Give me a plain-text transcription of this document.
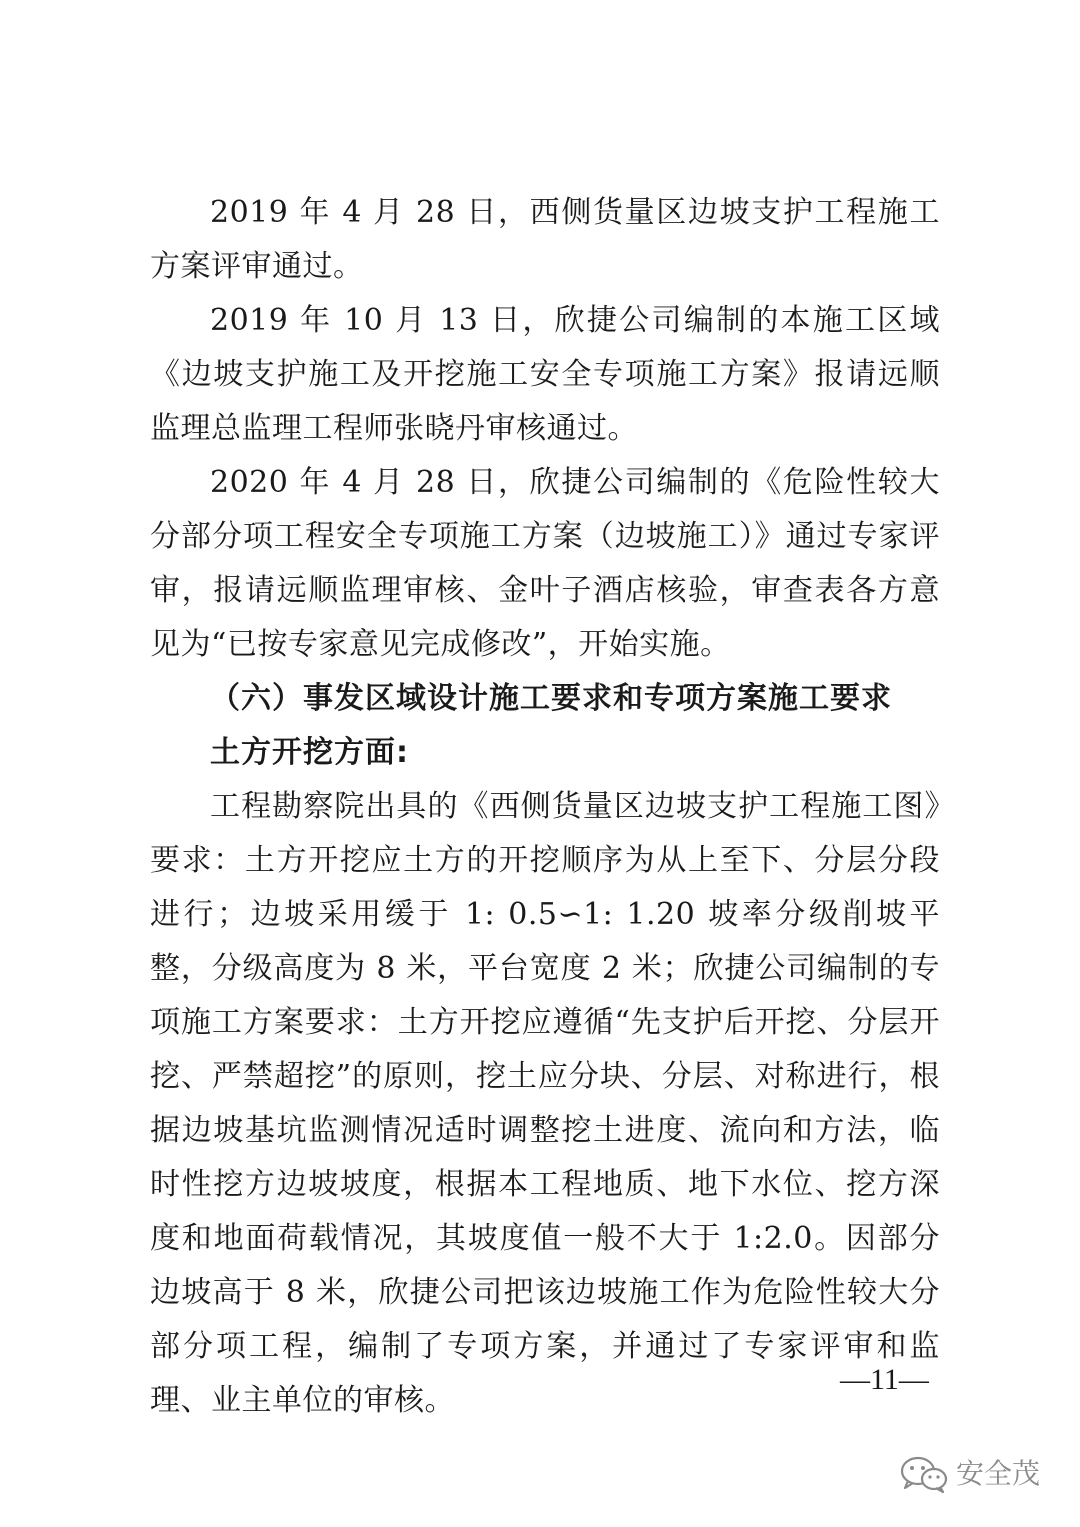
2019 年 4 月 28 日，西侧货量区边坡支护工程施工方案评审通过。

2019 年 10 月 13 日，欣捷公司编制的本施工区域《边坡支护施工及开挖施工安全专项施工方案》报请远顺监理总监理工程师张晓丹审核通过。

2020 年 4 月 28 日，欣捷公司编制的《危险性较大分部分项工程安全专项施工方案（边坡施工）》通过专家评审，报请远顺监理审核、金叶子酒店核验，审查表各方意见为“已按专家意见完成修改”，开始实施。

（六）事发区域设计施工要求和专项方案施工要求

土方开挖方面:

工程勘察院出具的《西侧货量区边坡支护工程施工图》要求：土方开挖应土方的开挖顺序为从上至下、分层分段进行；边坡采用缓于 1: 0.5∽1: 1.20 坡率分级削坡平整，分级高度为 8 米，平台宽度 2 米；欣捷公司编制的专项施工方案要求：土方开挖应遵循“先支护后开挖、分层开挖、严禁超挖”的原则，挖土应分块、分层、对称进行，根据边坡基坑监测情况适时调整挖土进度、流向和方法，临时性挖方边坡坡度，根据本工程地质、地下水位、挖方深度和地面荷载情况，其坡度值一般不大于 1:2.0。因部分边坡高于 8 米，欣捷公司把该边坡施工作为危险性较大分部分项工程，编制了专项方案，并通过了专家评审和监理、业主单位的审核。

—11—
安全茂
